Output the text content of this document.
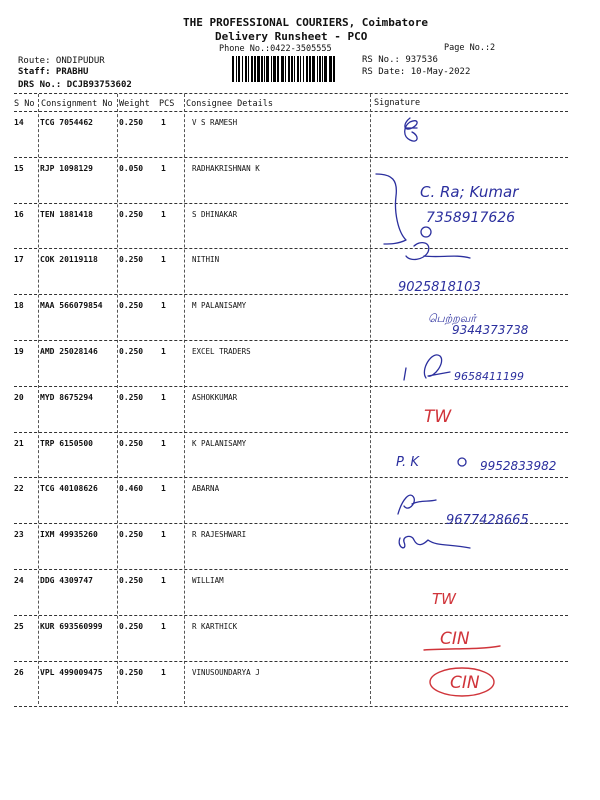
THE PROFESSIONAL COURIERS, Coimbatore
Delivery Runsheet - PCO
Phone No.:0422-3505555	Page No.:2
Route: ONDIPUDUR
Staff: PRABHU
DRS No.: DCJB93753602
RS No.: 937536
RS Date: 10-May-2022
S No Consignment No Weight PCS Consignee Details	Signature
14 TCG 7054462	0.250 1	V S RAMESH
15 RJP 1098129	0.050 1	RADHAKRISHNAN K
16 TEN 1881418	0.250 1	S DHINAKAR
17 COK 20119118	0.250 1	NITHIN
18 MAA 566079854 0.250 1	M PALANISAMY
19 AMD 25028146	0.250 1	EXCEL TRADERS
20 MYD 8675294	0.250 1	ASHOKKUMAR
21 TRP 6150500	0.250 1	K PALANISAMY
22 TCG 40108626	0.460 1	ABARNA
23 IXM 49935260	0.250 1	R RAJESHWARI
24 DDG 4309747	0.250 1	WILLIAM
25 KUR 693560999 0.250 1	R KARTHICK
26 VPL 499009475 0.250 1	VINUSOUNDARYA J
C. Ra; Kumar
7358917626
9025818103
பெற்றவர்
9344373738
9658411199
TW
P. K	9952833982
9677428665
TW
CIN
CIN
